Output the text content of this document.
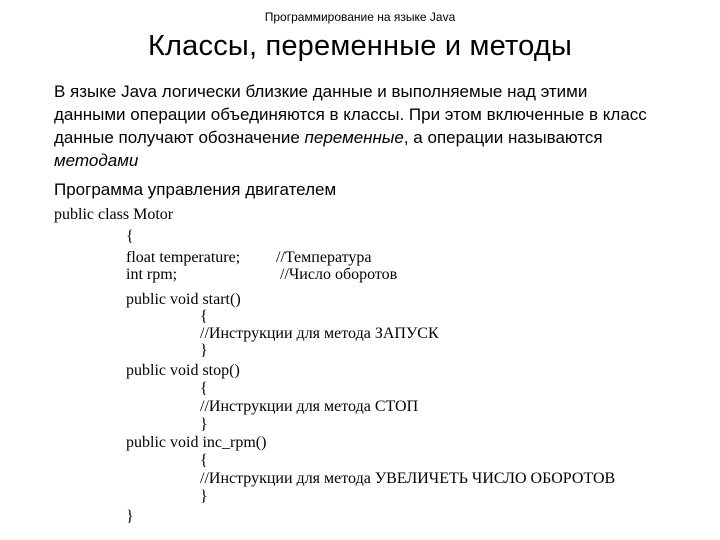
Программирование на языке Java
Классы, переменные и методы
В языке Java логически близкие данные и выполняемые над этими данными операции объединяются в классы. При этом включенные в класс данные получают обозначение переменные, а операции называются методами
Программа управления двигателем
public class Motor
{
float temperature; //Температура
int rpm;	//Число оборотов
public void start()
{
//Инструкции для метода ЗАПУСК
}
public void stop()
{
//Инструкции для метода СТОП
}
public void inc_rpm()
{
//Инструкции для метода УВЕЛИЧЕТЬ ЧИСЛО ОБОРОТОВ
}
}
